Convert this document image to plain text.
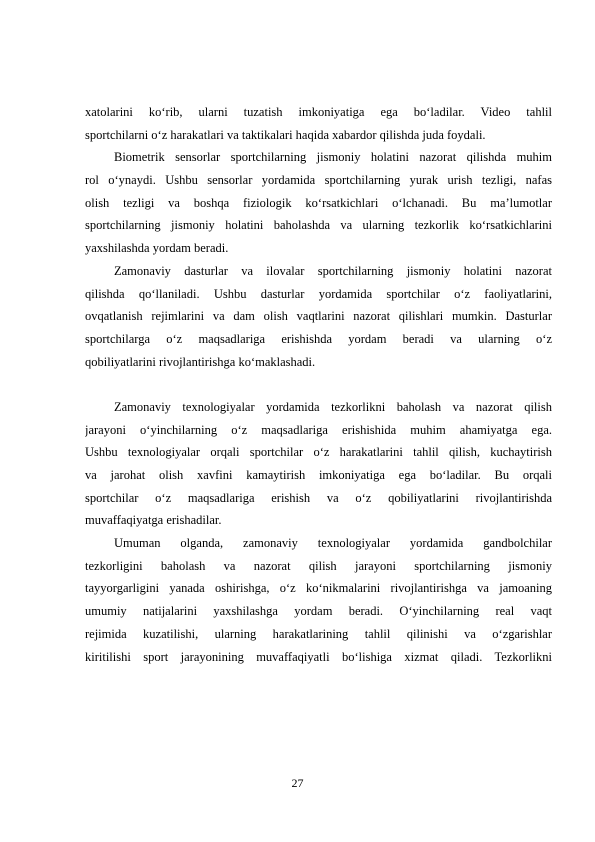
xatolarini ko‘rib, ularni tuzatish imkoniyatiga ega bo‘ladilar. Video tahlil
sportchilarni o‘z harakatlari va taktikalari haqida xabardor qilishda juda foydali.
Biometrik sensorlar sportchilarning jismoniy holatini nazorat qilishda muhim
rol o‘ynaydi. Ushbu sensorlar yordamida sportchilarning yurak urish tezligi, nafas
olish tezligi va boshqa fiziologik ko‘rsatkichlari o‘lchanadi. Bu ma’lumotlar
sportchilarning jismoniy holatini baholashda va ularning tezkorlik ko‘rsatkichlarini
yaxshilashda yordam beradi.
Zamonaviy dasturlar va ilovalar sportchilarning jismoniy holatini nazorat
qilishda qo‘llaniladi. Ushbu dasturlar yordamida sportchilar o‘z faoliyatlarini,
ovqatlanish rejimlarini va dam olish vaqtlarini nazorat qilishlari mumkin. Dasturlar
sportchilarga o‘z maqsadlariga erishishda yordam beradi va ularning o‘z
qobiliyatlarini rivojlantirishga ko‘maklashadi.
Zamonaviy texnologiyalar yordamida tezkorlikni baholash va nazorat qilish
jarayoni o‘yinchilarning o‘z maqsadlariga erishishida muhim ahamiyatga ega.
Ushbu texnologiyalar orqali sportchilar o‘z harakatlarini tahlil qilish, kuchaytirish
va jarohat olish xavfini kamaytirish imkoniyatiga ega bo‘ladilar. Bu orqali
sportchilar o‘z maqsadlariga erishish va o‘z qobiliyatlarini rivojlantirishda
muvaffaqiyatga erishadilar.
Umuman olganda, zamonaviy texnologiyalar yordamida gandbolchilar
tezkorligini baholash va nazorat qilish jarayoni sportchilarning jismoniy
tayyorgarligini yanada oshirishga, o‘z ko‘nikmalarini rivojlantirishga va jamoaning
umumiy natijalarini yaxshilashga yordam beradi. O‘yinchilarning real vaqt
rejimida kuzatilishi, ularning harakatlarining tahlil qilinishi va o‘zgarishlar
kiritilishi sport jarayonining muvaffaqiyatli bo‘lishiga xizmat qiladi. Tezkorlikni
27
